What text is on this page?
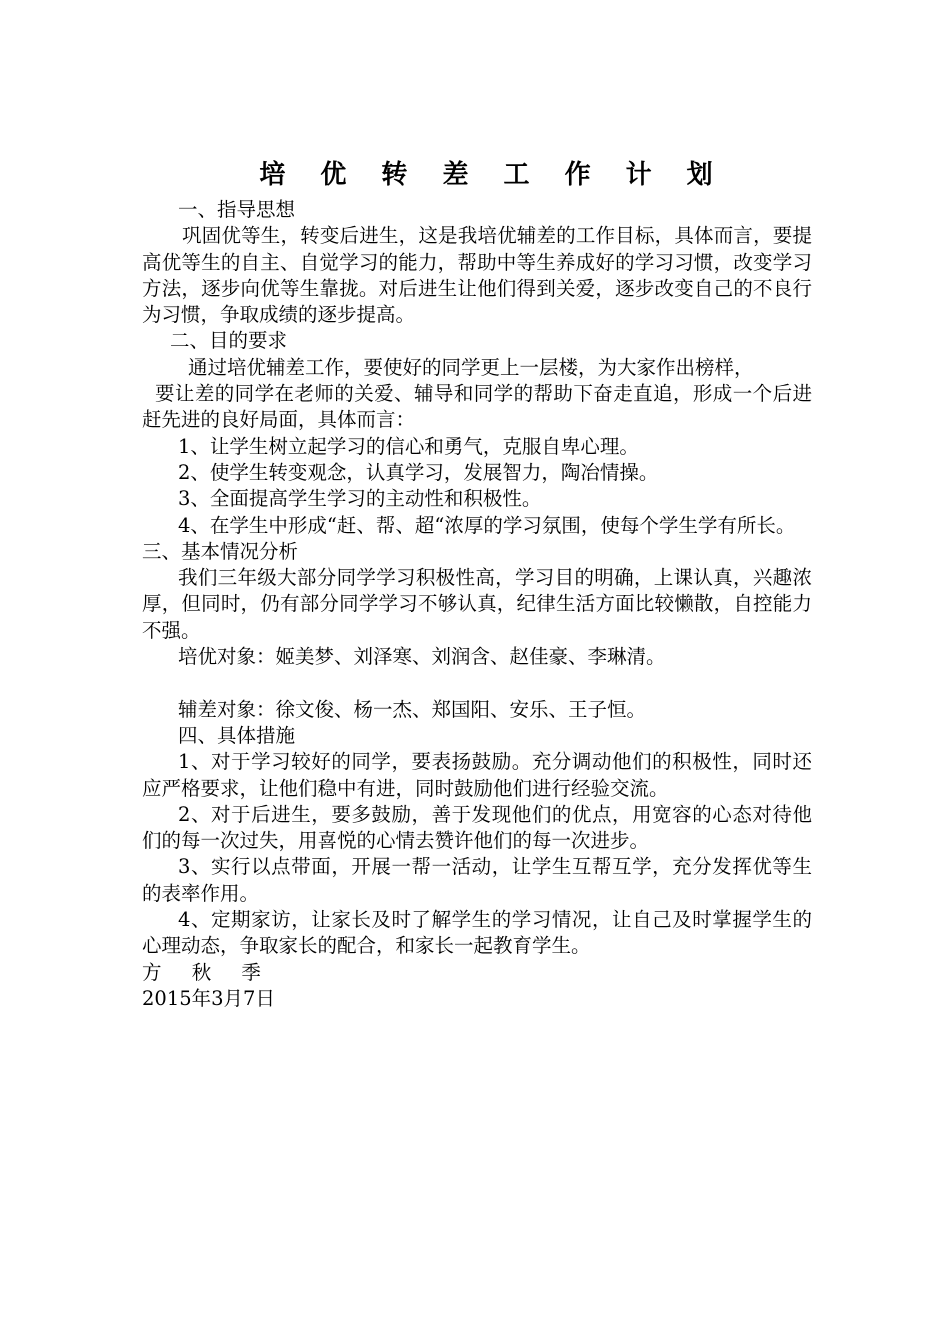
培 优 转 差 工 作 计 划

一、指导思想

巩固优等生，转变后进生，这是我培优辅差的工作目标，具体而言，要提高优等生的自主、自觉学习的能力，帮助中等生养成好的学习习惯，改变学习方法，逐步向优等生靠拢。对后进生让他们得到关爱，逐步改变自己的不良行为习惯，争取成绩的逐步提高。

二、目的要求

通过培优辅差工作，要使好的同学更上一层楼，为大家作出榜样，

要让差的同学在老师的关爱、辅导和同学的帮助下奋走直追，形成一个后进赶先进的良好局面，具体而言：

1、让学生树立起学习的信心和勇气，克服自卑心理。

2、使学生转变观念，认真学习，发展智力，陶冶情操。

3、全面提高学生学习的主动性和积极性。

4、在学生中形成“赶、帮、超“浓厚的学习氛围，使每个学生学有所长。

三、基本情况分析

我们三年级大部分同学学习积极性高，学习目的明确，上课认真，兴趣浓厚，但同时，仍有部分同学学习不够认真，纪律生活方面比较懒散，自控能力不强。

培优对象：姬美梦、刘泽寒、刘润含、赵佳豪、李琳清。

辅差对象：徐文俊、杨一杰、郑国阳、安乐、王子恒。

四、具体措施

1、对于学习较好的同学，要表扬鼓励。充分调动他们的积极性，同时还应严格要求，让他们稳中有进，同时鼓励他们进行经验交流。

2、对于后进生，要多鼓励，善于发现他们的优点，用宽容的心态对待他们的每一次过失，用喜悦的心情去赞许他们的每一次进步。

3、实行以点带面，开展一帮一活动，让学生互帮互学，充分发挥优等生的表率作用。

4、定期家访，让家长及时了解学生的学习情况，让自己及时掌握学生的心理动态，争取家长的配合，和家长一起教育学生。

方 秋 季

2015年3月7日
